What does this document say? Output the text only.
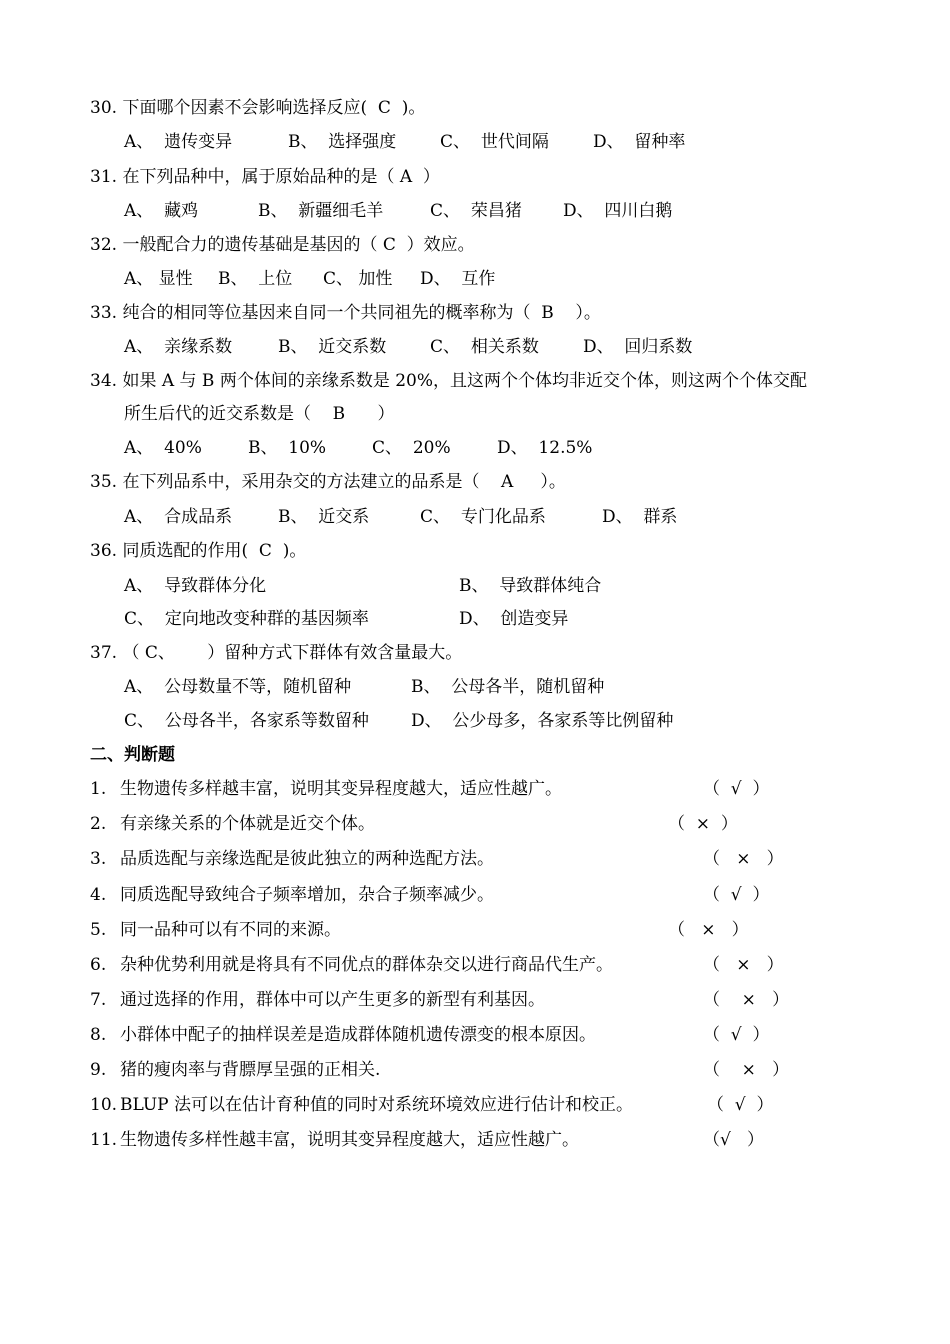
30. 下面哪个因素不会影响选择反应(  C  )。
A、  遗传变异	B、  选择强度	C、  世代间隔	D、  留种率
31. 在下列品种中，属于原始品种的是（ A  ）
A、  藏鸡	B、  新疆细毛羊	C、  荣昌猪 D、  四川白鹅
32. 一般配合力的遗传基础是基因的（ C  ）效应。
A、 显性 B、  上位 C、 加性 D、  互作
33. 纯合的相同等位基因来自同一个共同祖先的概率称为（  B    ）。
A、  亲缘系数	B、  近交系数	C、  相关系数	D、  回归系数
34. 如果 A 与 B 两个体间的亲缘系数是 20%，且这两个个体均非近交个体，则这两个个体交配
所生后代的近交系数是（    B      ）
A、  40%	B、  10%	C、  20%	D、  12.5%
35. 在下列品系中，采用杂交的方法建立的品系是（    A     ）。
A、  合成品系	B、  近交系	C、  专门化品系	D、  群系
36. 同质选配的作用(  C  )。
A、  导致群体分化	B、  导致群体纯合
C、  定向地改变种群的基因频率	D、  创造变异
37. （ C、      ）留种方式下群体有效含量最大。
A、  公母数量不等，随机留种	B、  公母各半，随机留种
C、  公母各半，各家系等数留种 D、  公少母多，各家系等比例留种
二、判断题
1. 生物遗传多样越丰富，说明其变异程度越大，适应性越广。	（  √  ）
2. 有亲缘关系的个体就是近交个体。	（  ×  ）
3. 品质选配与亲缘选配是彼此独立的两种选配方法。	（   ×   ）
4. 同质选配导致纯合子频率增加，杂合子频率减少。	（  √  ）
5. 同一品种可以有不同的来源。	（   ×   ）
6. 杂种优势利用就是将具有不同优点的群体杂交以进行商品代生产。	（   ×   ）
7. 通过选择的作用，群体中可以产生更多的新型有利基因。	（    ×   ）
8. 小群体中配子的抽样误差是造成群体随机遗传漂变的根本原因。	（  √  ）
9. 猪的瘦肉率与背膘厚呈强的正相关.	（    ×   ）
10. BLUP 法可以在估计育种值的同时对系统环境效应进行估计和校正。	（  √  ）
11. 生物遗传多样性越丰富，说明其变异程度越大，适应性越广。	（√   ）
